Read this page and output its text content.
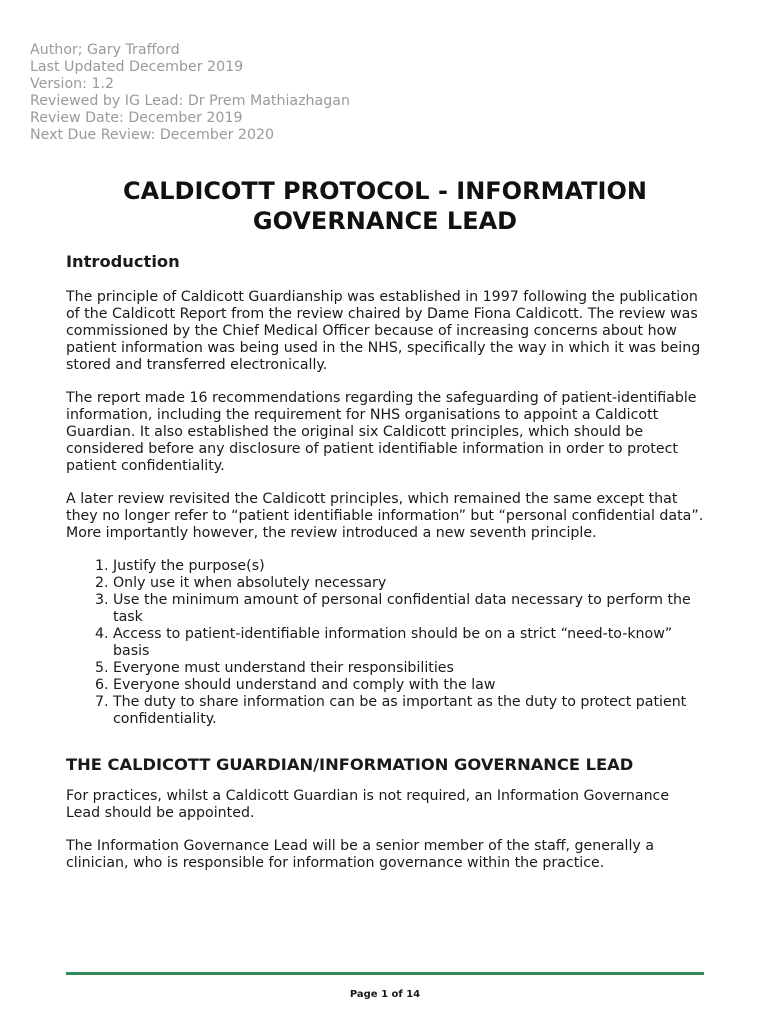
Author; Gary Trafford
Last Updated December 2019
Version: 1.2
Reviewed by IG Lead: Dr Prem Mathiazhagan
Review Date: December 2019
Next Due Review: December 2020
CALDICOTT PROTOCOL - INFORMATION
GOVERNANCE LEAD
Introduction

The principle of Caldicott Guardianship was established in 1997 following the publication of the Caldicott Report from the review chaired by Dame Fiona Caldicott. The review was commissioned by the Chief Medical Officer because of increasing concerns about how patient information was being used in the NHS, specifically the way in which it was being stored and transferred electronically.

The report made 16 recommendations regarding the safeguarding of patient-identifiable information, including the requirement for NHS organisations to appoint a Caldicott Guardian. It also established the original six Caldicott principles, which should be considered before any disclosure of patient identifiable information in order to protect patient confidentiality.

A later review revisited the Caldicott principles, which remained the same except that they no longer refer to “patient identifiable information” but “personal confidential data”. More importantly however, the review introduced a new seventh principle.

1. Justify the purpose(s)
2. Only use it when absolutely necessary
3. Use the minimum amount of personal confidential data necessary to perform the task
4. Access to patient-identifiable information should be on a strict “need-to-know” basis
5. Everyone must understand their responsibilities
6. Everyone should understand and comply with the law
7. The duty to share information can be as important as the duty to protect patient confidentiality.
THE CALDICOTT GUARDIAN/INFORMATION GOVERNANCE LEAD

For practices, whilst a Caldicott Guardian is not required, an Information Governance Lead should be appointed.

The Information Governance Lead will be a senior member of the staff, generally a clinician, who is responsible for information governance within the practice.

Page 1 of 14
